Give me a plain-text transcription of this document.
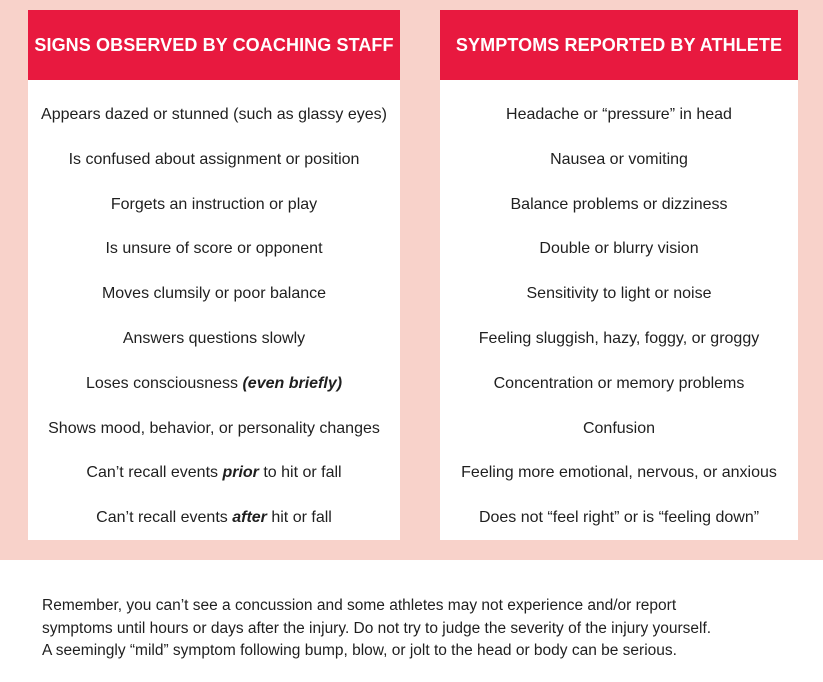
SIGNS OBSERVED BY COACHING STAFF
Appears dazed or stunned (such as glassy eyes)
Is confused about assignment or position
Forgets an instruction or play
Is unsure of score or opponent
Moves clumsily or poor balance
Answers questions slowly
Loses consciousness (even briefly)
Shows mood, behavior, or personality changes
Can’t recall events prior to hit or fall
Can’t recall events after hit or fall
SYMPTOMS REPORTED BY ATHLETE
Headache or “pressure” in head
Nausea or vomiting
Balance problems or dizziness
Double or blurry vision
Sensitivity to light or noise
Feeling sluggish, hazy, foggy, or groggy
Concentration or memory problems
Confusion
Feeling more emotional, nervous, or anxious
Does not “feel right” or is “feeling down”
Remember, you can’t see a concussion and some athletes may not experience and/or report
symptoms until hours or days after the injury. Do not try to judge the severity of the injury yourself.
A seemingly “mild” symptom following bump, blow, or jolt to the head or body can be serious.
